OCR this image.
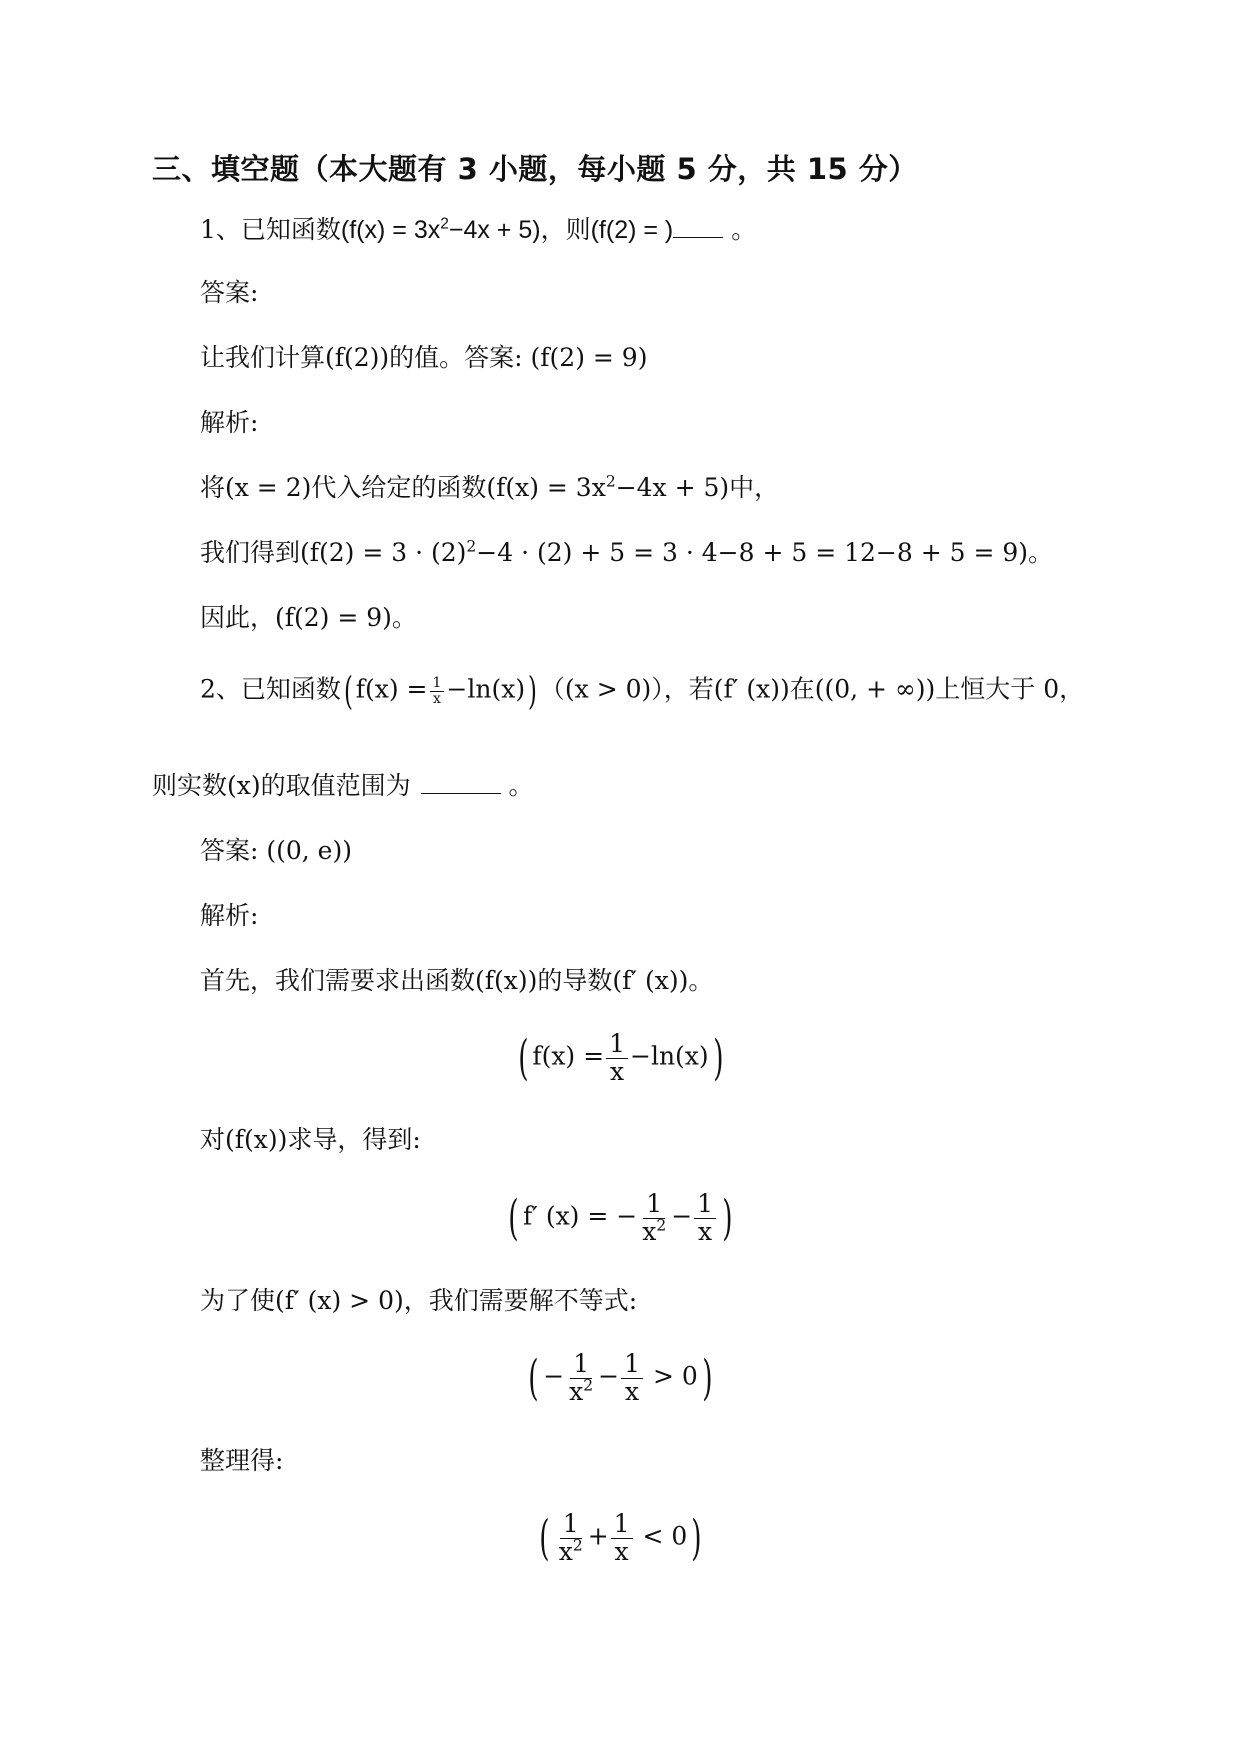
三、填空题（本大题有 3 小题，每小题 5 分，共 15 分）
1、已知函数$(f(x) = 3x^2-4x + 5)$，则(f(2) = ) 。
答案:
让我们计算(f(2))的值。答案: (f(2) = 9)
解析:
将(x = 2)代入给定的函数$(f(x) = 3x^2-4x + 5)$中，
我们得到$(f(2) = 3 \cdot (2)^2-4 \cdot (2) + 5 = 3 \cdot 4-8 + 5 = 12-8 + 5 = 9)$。
因此，(f(2) = 9)。
2、已知函数( $f(x) = \frac{1}{x} -\ln(x)$) （(x > 0)），若(f′ (x))在((0, + ∞))上恒大于 0，
则实数(x)的取值范围为	。
答案: ((0, e))
解析:
首先，我们需要求出函数(f(x))的导数(f′ (x))。
( $f(x) = \frac{1}{x} -\ln(x)$)
对(f(x))求导，得到:
( f′ (x) = − $\frac{1}{x^2} - \frac{1}{x}$ )
为了使(f′ (x) > 0)，我们需要解不等式:
( − $\frac{1}{x^2} - \frac{1}{x} > 0$)
整理得:
( $\frac{1}{x^2} + \frac{1}{x} < 0$)
